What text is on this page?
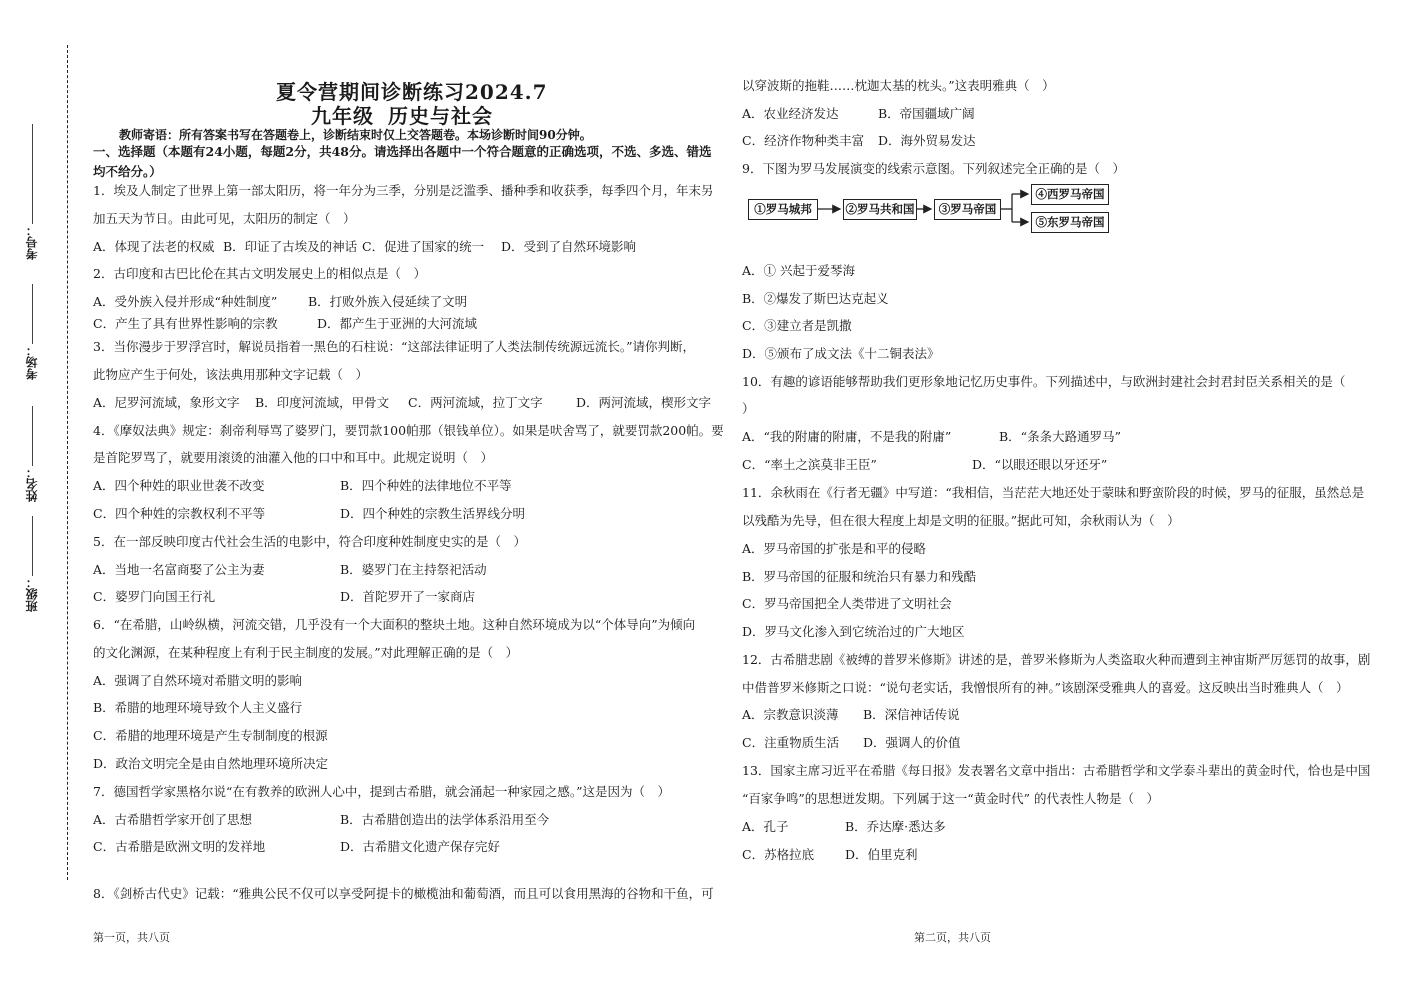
考号：
考场：
姓名：
班级：
夏令营期间诊断练习2024.7
九年级 历史与社会
教师寄语：所有答案书写在答题卷上，诊断结束时仅上交答题卷。本场诊断时间90分钟。
一、选择题（本题有24小题，每题2分，共48分。请选择出各题中一个符合题意的正确选项，不选、多选、错选均不给分。）
1．埃及人制定了世界上第一部太阳历，将一年分为三季，分别是泛滥季、播种季和收获季，每季四个月，年末另
加五天为节日。由此可见，太阳历的制定（　）
A．体现了法老的权威 B．印证了古埃及的神话 C．促进了国家的统一 D．受到了自然环境影响
2．古印度和古巴比伦在其古文明发展史上的相似点是（　）
A．受外族入侵并形成“种姓制度” B．打败外族入侵延续了文明
C．产生了具有世界性影响的宗教	D．都产生于亚洲的大河流域
3．当你漫步于罗浮宫时，解说员指着一黑色的石柱说：“这部法律证明了人类法制传统源远流长。”请你判断，
此物应产生于何处，该法典用那种文字记载（　）
A．尼罗河流域，象形文字 B．印度河流域，甲骨文 C．两河流域，拉丁文字	D．两河流域，楔形文字
4．《摩奴法典》规定：刹帝利辱骂了婆罗门，要罚款100帕那（银钱单位）。如果是吠舍骂了，就要罚款200帕。要
是首陀罗骂了，就要用滚烫的油灌入他的口中和耳中。此规定说明（　）
A．四个种姓的职业世袭不改变	B．四个种姓的法律地位不平等
C．四个种姓的宗教权利不平等	D．四个种姓的宗教生活界线分明
5．在一部反映印度古代社会生活的电影中，符合印度种姓制度史实的是（　）
A．当地一名富商娶了公主为妻	B．婆罗门在主持祭祀活动
C．婆罗门向国王行礼	D．首陀罗开了一家商店
6．“在希腊，山岭纵横，河流交错，几乎没有一个大面积的整块土地。这种自然环境成为以“个体导向”为倾向
的文化渊源，在某种程度上有利于民主制度的发展。”对此理解正确的是（　）
A．强调了自然环境对希腊文明的影响
B．希腊的地理环境导致个人主义盛行
C．希腊的地理环境是产生专制制度的根源
D．政治文明完全是由自然地理环境所决定
7．德国哲学家黑格尔说“在有教养的欧洲人心中，提到古希腊，就会涌起一种家园之感。”这是因为（　）
A．古希腊哲学家开创了思想	B．古希腊创造出的法学体系沿用至今
C．古希腊是欧洲文明的发祥地	D．古希腊文化遗产保存完好
8．《剑桥古代史》记载：“雅典公民不仅可以享受阿提卡的橄榄油和葡萄酒，而且可以食用黑海的谷物和干鱼，可
第一页，共八页
以穿波斯的拖鞋……枕迦太基的枕头。”这表明雅典（　）
A．农业经济发达	B．帝国疆域广阔
C．经济作物种类丰富 D．海外贸易发达
9．下图为罗马发展演变的线索示意图。下列叙述完全正确的是（　）
①罗马城邦	②罗马共和国	③罗马帝国
④西罗马帝国
⑤东罗马帝国
A．① 兴起于爱琴海
B．②爆发了斯巴达克起义
C．③建立者是凯撒
D．⑤颁布了成文法《十二铜表法》
10．有趣的谚语能够帮助我们更形象地记忆历史事件。下列描述中，与欧洲封建社会封君封臣关系相关的是（
）
A．“我的附庸的附庸，不是我的附庸”	B．“条条大路通罗马”
C．“率土之滨莫非王臣”	D．“以眼还眼以牙还牙”
11．余秋雨在《行者无疆》中写道：“我相信，当茫茫大地还处于蒙昧和野蛮阶段的时候，罗马的征服，虽然总是
以残酷为先导，但在很大程度上却是文明的征服。”据此可知，余秋雨认为（　）
A．罗马帝国的扩张是和平的侵略
B．罗马帝国的征服和统治只有暴力和残酷
C．罗马帝国把全人类带进了文明社会
D．罗马文化渗入到它统治过的广大地区
12．古希腊悲剧《被缚的普罗米修斯》讲述的是，普罗米修斯为人类盗取火种而遭到主神宙斯严厉惩罚的故事，剧
中借普罗米修斯之口说：“说句老实话，我憎恨所有的神。”该剧深受雅典人的喜爱。这反映出当时雅典人（　）
A．宗教意识淡薄 B．深信神话传说
C．注重物质生活 D．强调人的价值
13．国家主席习近平在希腊《每日报》发表署名文章中指出：古希腊哲学和文学泰斗辈出的黄金时代，恰也是中国
“百家争鸣”的思想迸发期。下列属于这一“黄金时代” 的代表性人物是（　）
A．孔子	B．乔达摩·悉达多
C．苏格拉底 D．伯里克利
第二页，共八页
